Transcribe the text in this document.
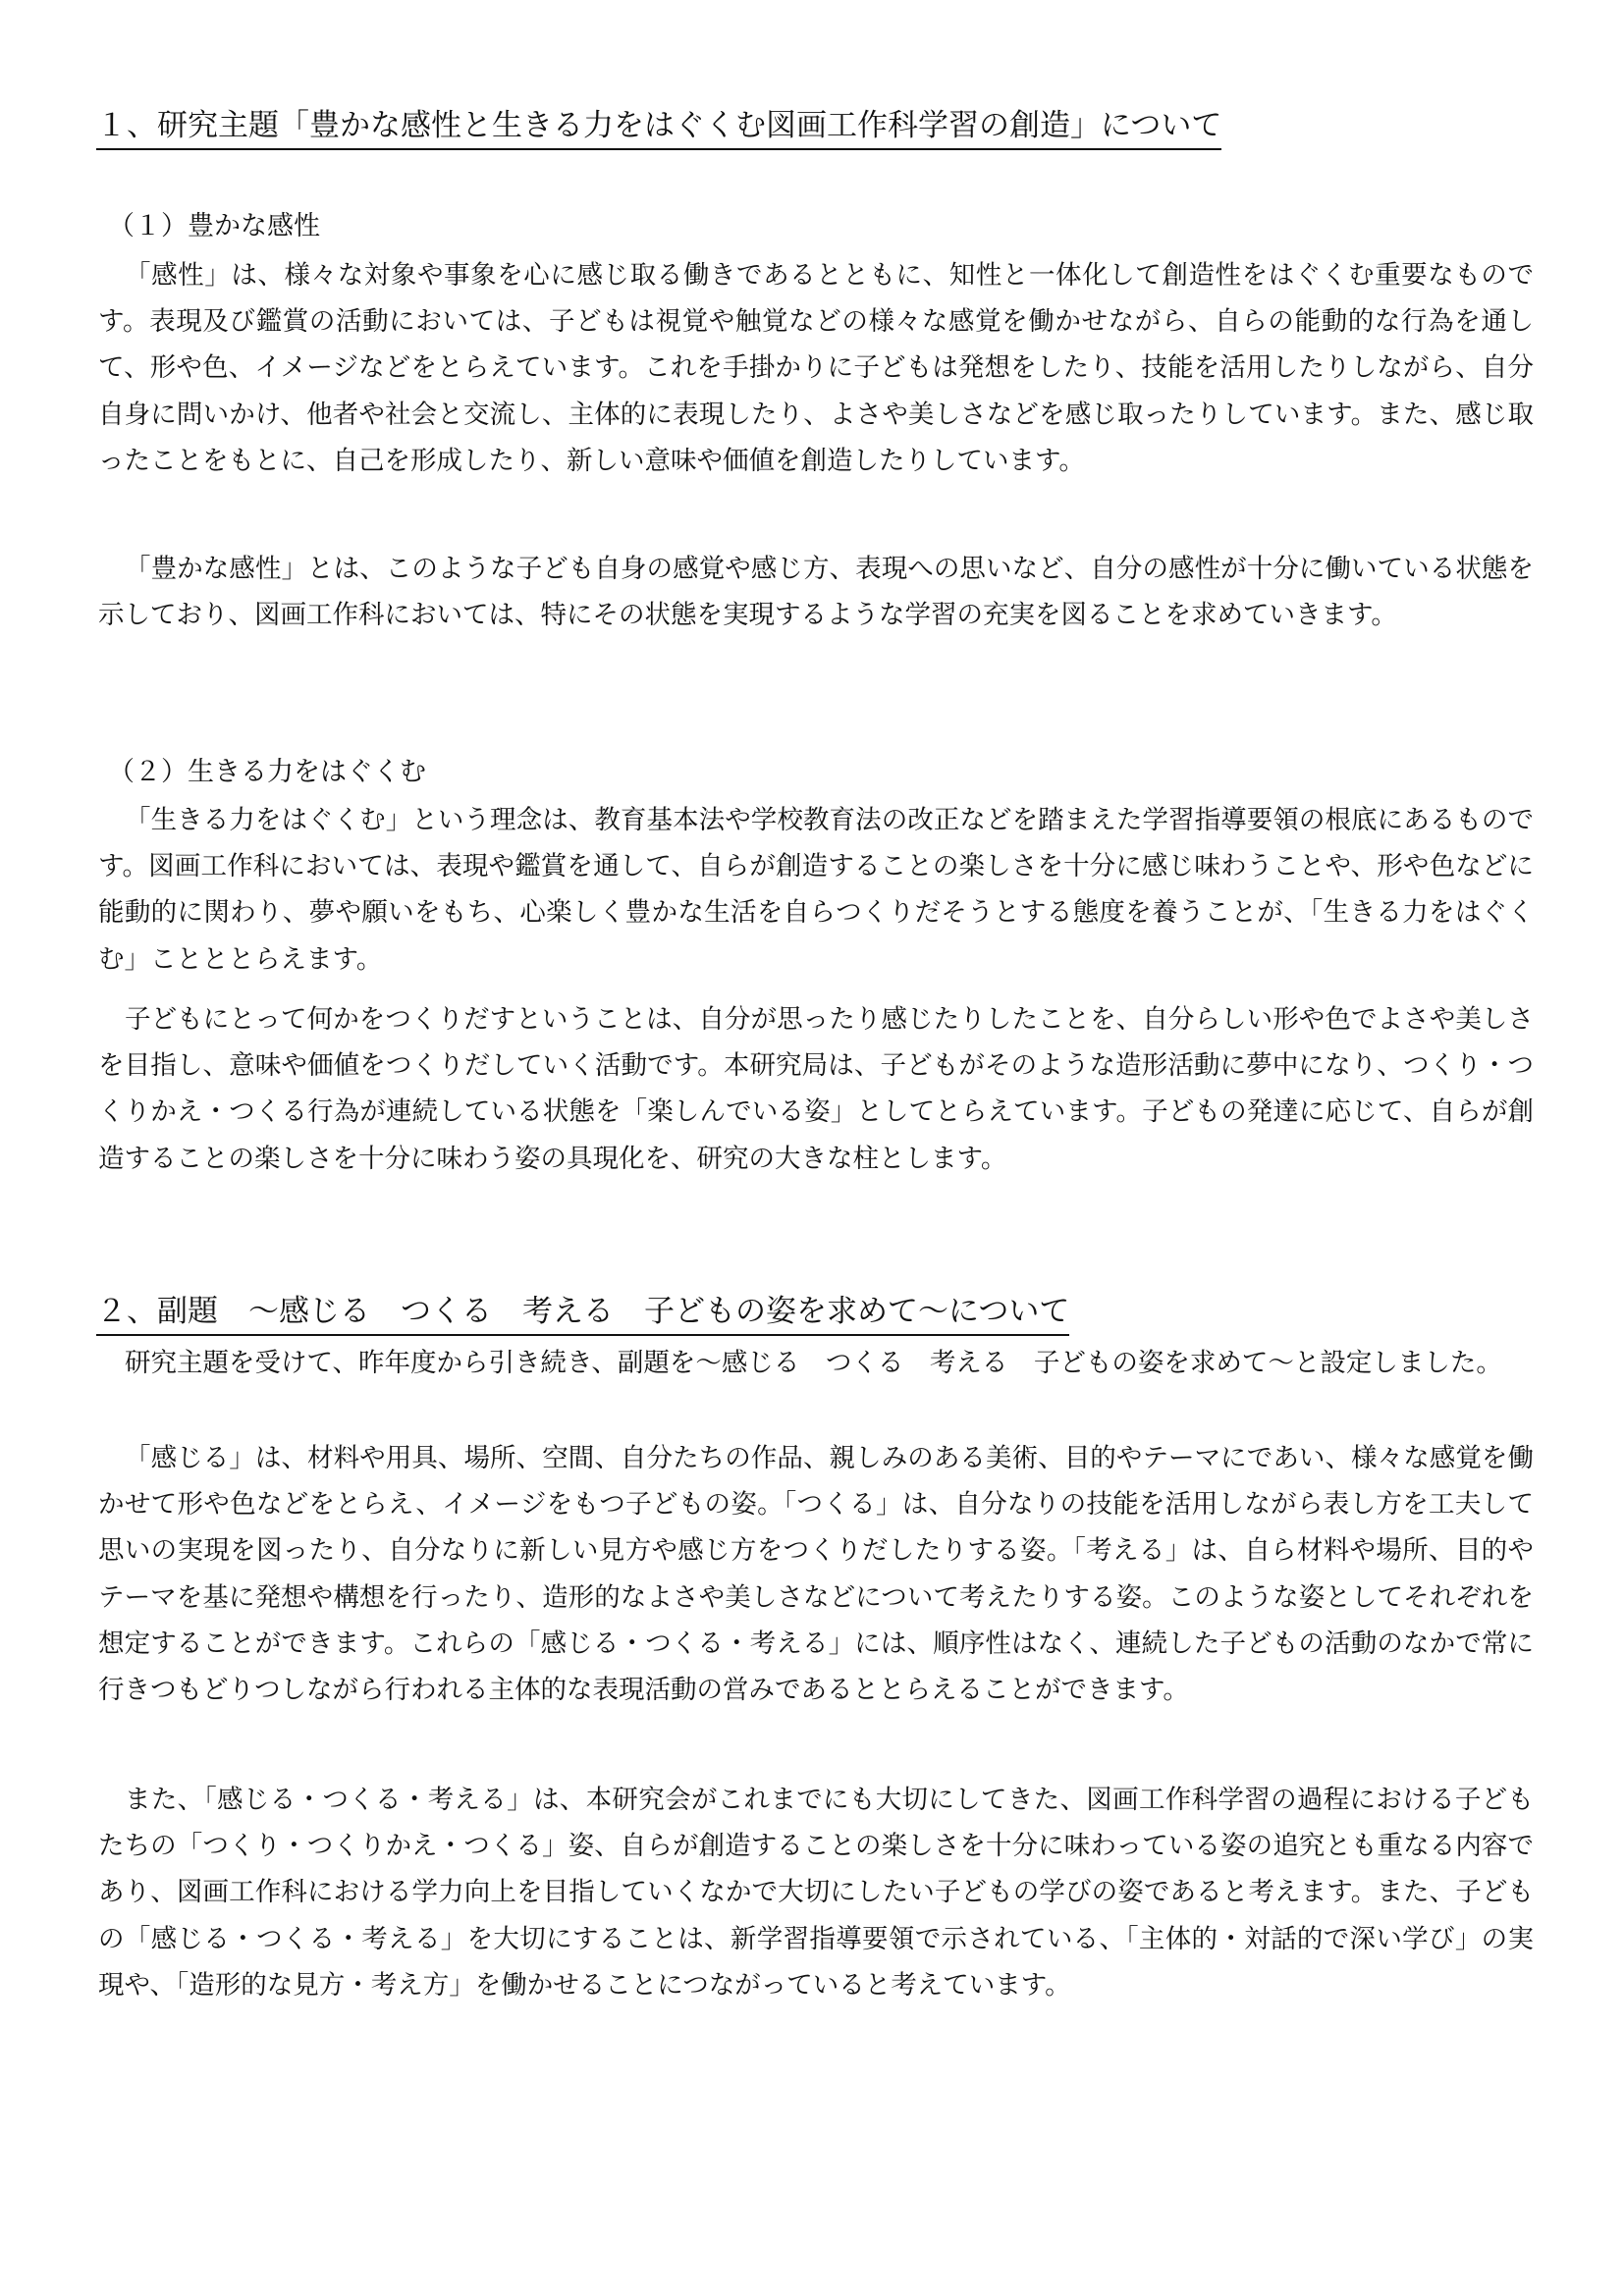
１、研究主題「豊かな感性と生きる力をはぐくむ図画工作科学習の創造」について
（１）豊かな感性
「感性」は、様々な対象や事象を心に感じ取る働きであるとともに、知性と一体化して創造性をはぐくむ重要なものです。表現及び鑑賞の活動においては、子どもは視覚や触覚などの様々な感覚を働かせながら、自らの能動的な行為を通して、形や色、イメージなどをとらえています。これを手掛かりに子どもは発想をしたり、技能を活用したりしながら、自分自身に問いかけ、他者や社会と交流し、主体的に表現したり、よさや美しさなどを感じ取ったりしています。また、感じ取ったことをもとに、自己を形成したり、新しい意味や価値を創造したりしています。
「豊かな感性」とは、このような子ども自身の感覚や感じ方、表現への思いなど、自分の感性が十分に働いている状態を示しており、図画工作科においては、特にその状態を実現するような学習の充実を図ることを求めていきます。
（２）生きる力をはぐくむ
「生きる力をはぐくむ」という理念は、教育基本法や学校教育法の改正などを踏まえた学習指導要領の根底にあるものです。図画工作科においては、表現や鑑賞を通して、自らが創造することの楽しさを十分に感じ味わうことや、形や色などに能動的に関わり、夢や願いをもち、心楽しく豊かな生活を自らつくりだそうとする態度を養うことが、「生きる力をはぐくむ」ことととらえます。
子どもにとって何かをつくりだすということは、自分が思ったり感じたりしたことを、自分らしい形や色でよさや美しさを目指し、意味や価値をつくりだしていく活動です。本研究局は、子どもがそのような造形活動に夢中になり、つくり・つくりかえ・つくる行為が連続している状態を「楽しんでいる姿」としてとらえています。子どもの発達に応じて、自らが創造することの楽しさを十分に味わう姿の具現化を、研究の大きな柱とします。
２、副題　～感じる　つくる　考える　子どもの姿を求めて～について
研究主題を受けて、昨年度から引き続き、副題を～感じる　つくる　考える　子どもの姿を求めて～と設定しました。
「感じる」は、材料や用具、場所、空間、自分たちの作品、親しみのある美術、目的やテーマにであい、様々な感覚を働かせて形や色などをとらえ、イメージをもつ子どもの姿。「つくる」は、自分なりの技能を活用しながら表し方を工夫して思いの実現を図ったり、自分なりに新しい見方や感じ方をつくりだしたりする姿。「考える」は、自ら材料や場所、目的やテーマを基に発想や構想を行ったり、造形的なよさや美しさなどについて考えたりする姿。このような姿としてそれぞれを想定することができます。これらの「感じる・つくる・考える」には、順序性はなく、連続した子どもの活動のなかで常に行きつもどりつしながら行われる主体的な表現活動の営みであるととらえることができます。
また、「感じる・つくる・考える」は、本研究会がこれまでにも大切にしてきた、図画工作科学習の過程における子どもたちの「つくり・つくりかえ・つくる」姿、自らが創造することの楽しさを十分に味わっている姿の追究とも重なる内容であり、図画工作科における学力向上を目指していくなかで大切にしたい子どもの学びの姿であると考えます。また、子どもの「感じる・つくる・考える」を大切にすることは、新学習指導要領で示されている、「主体的・対話的で深い学び」の実現や、「造形的な見方・考え方」を働かせることにつながっていると考えています。
